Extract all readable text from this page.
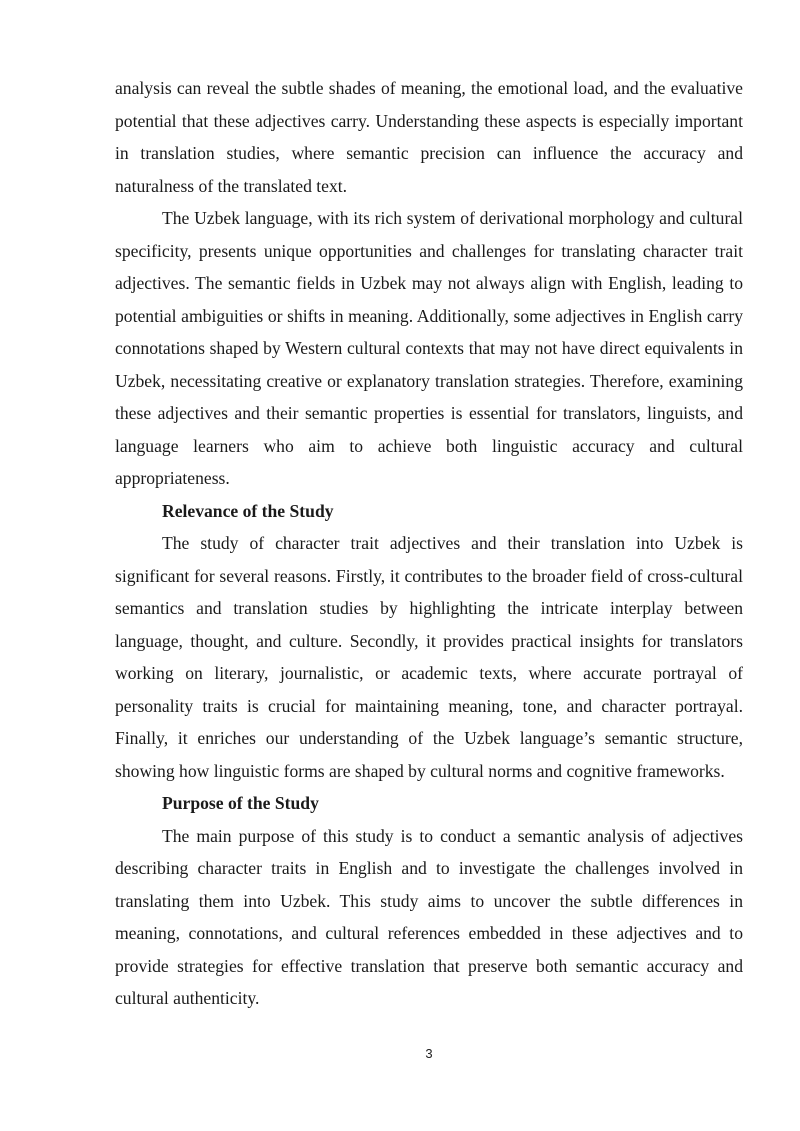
analysis can reveal the subtle shades of meaning, the emotional load, and the evaluative potential that these adjectives carry. Understanding these aspects is especially important in translation studies, where semantic precision can influence the accuracy and naturalness of the translated text.

The Uzbek language, with its rich system of derivational morphology and cultural specificity, presents unique opportunities and challenges for translating character trait adjectives. The semantic fields in Uzbek may not always align with English, leading to potential ambiguities or shifts in meaning. Additionally, some adjectives in English carry connotations shaped by Western cultural contexts that may not have direct equivalents in Uzbek, necessitating creative or explanatory translation strategies. Therefore, examining these adjectives and their semantic properties is essential for translators, linguists, and language learners who aim to achieve both linguistic accuracy and cultural appropriateness.

Relevance of the Study

The study of character trait adjectives and their translation into Uzbek is significant for several reasons. Firstly, it contributes to the broader field of cross-cultural semantics and translation studies by highlighting the intricate interplay between language, thought, and culture. Secondly, it provides practical insights for translators working on literary, journalistic, or academic texts, where accurate portrayal of personality traits is crucial for maintaining meaning, tone, and character portrayal. Finally, it enriches our understanding of the Uzbek language’s semantic structure, showing how linguistic forms are shaped by cultural norms and cognitive frameworks.

Purpose of the Study

The main purpose of this study is to conduct a semantic analysis of adjectives describing character traits in English and to investigate the challenges involved in translating them into Uzbek. This study aims to uncover the subtle differences in meaning, connotations, and cultural references embedded in these adjectives and to provide strategies for effective translation that preserve both semantic accuracy and cultural authenticity.

3
